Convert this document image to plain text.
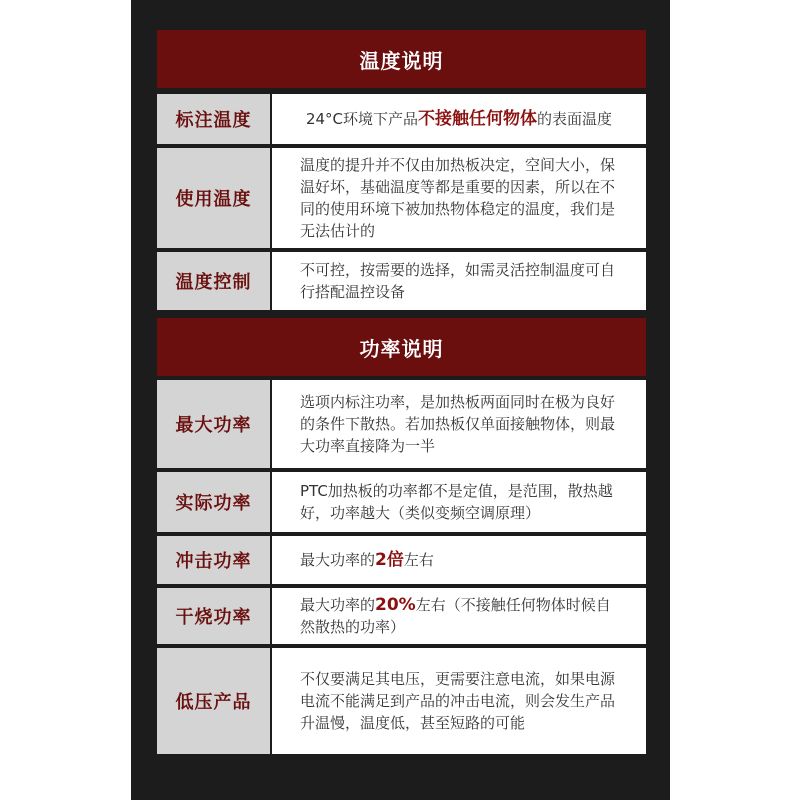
温度说明
标注温度	24°C环境下产品 不接触任何物体 的表面温度
使用温度
温度的提升并不仅由加热板决定，空间大小，保温好坏，基础温度等都是重要的因素，所以在不同的使用环境下被加热物体稳定的温度，我们是无法估计的
温度控制
不可控，按需要的选择，如需灵活控制温度可自行搭配温控设备
功率说明
最大功率
选项内标注功率，是加热板两面同时在极为良好的条件下散热。若加热板仅单面接触物体，则最大功率直接降为一半
实际功率
PTC加热板的功率都不是定值，是范围，散热越好，功率越大（类似变频空调原理）
冲击功率	最大功率的2倍左右
干烧功率
最大功率的20%左右（不接触任何物体时候自然散热的功率）
低压产品
不仅要满足其电压，更需要注意电流，如果电源电流不能满足到产品的冲击电流，则会发生产品升温慢，温度低，甚至短路的可能
